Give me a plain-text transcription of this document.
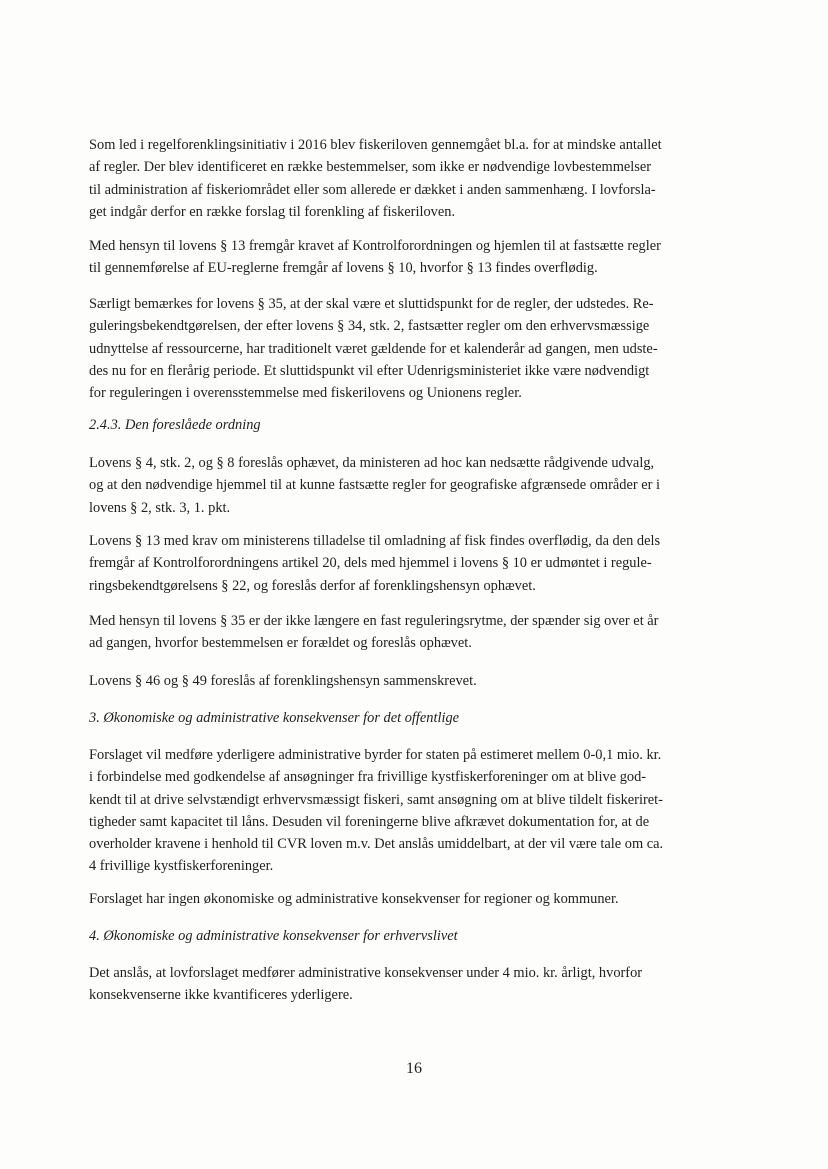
Som led i regelforenklingsinitiativ i 2016 blev fiskeriloven gennemgået bl.a. for at mindske antallet
af regler. Der blev identificeret en række bestemmelser, som ikke er nødvendige lovbestemmelser
til administration af fiskeriområdet eller som allerede er dækket i anden sammenhæng. I lovforsla-
get indgår derfor en række forslag til forenkling af fiskeriloven.
Med hensyn til lovens § 13 fremgår kravet af Kontrolforordningen og hjemlen til at fastsætte regler
til gennemførelse af EU-reglerne fremgår af lovens § 10, hvorfor § 13 findes overflødig.
Særligt bemærkes for lovens § 35, at der skal være et sluttidspunkt for de regler, der udstedes. Re-
guleringsbekendtgørelsen, der efter lovens § 34, stk. 2, fastsætter regler om den erhvervsmæssige
udnyttelse af ressourcerne, har traditionelt været gældende for et kalenderår ad gangen, men udste-
des nu for en flerårig periode. Et sluttidspunkt vil efter Udenrigsministeriet ikke være nødvendigt
for reguleringen i overensstemmelse med fiskerilovens og Unionens regler.
2.4.3. Den foreslåede ordning
Lovens § 4, stk. 2, og § 8 foreslås ophævet, da ministeren ad hoc kan nedsætte rådgivende udvalg,
og at den nødvendige hjemmel til at kunne fastsætte regler for geografiske afgrænsede områder er i
lovens § 2, stk. 3, 1. pkt.
Lovens § 13 med krav om ministerens tilladelse til omladning af fisk findes overflødig, da den dels
fremgår af Kontrolforordningens artikel 20, dels med hjemmel i lovens § 10 er udmøntet i regule-
ringsbekendtgørelsens § 22, og foreslås derfor af forenklingshensyn ophævet.
Med hensyn til lovens § 35 er der ikke længere en fast reguleringsrytme, der spænder sig over et år
ad gangen, hvorfor bestemmelsen er forældet og foreslås ophævet.
Lovens § 46 og § 49 foreslås af forenklingshensyn sammenskrevet.
3. Økonomiske og administrative konsekvenser for det offentlige
Forslaget vil medføre yderligere administrative byrder for staten på estimeret mellem 0-0,1 mio. kr.
i forbindelse med godkendelse af ansøgninger fra frivillige kystfiskerforeninger om at blive god-
kendt til at drive selvstændigt erhvervsmæssigt fiskeri, samt ansøgning om at blive tildelt fiskeriret-
tigheder samt kapacitet til låns. Desuden vil foreningerne blive afkrævet dokumentation for, at de
overholder kravene i henhold til CVR loven m.v. Det anslås umiddelbart, at der vil være tale om ca.
4 frivillige kystfiskerforeninger.
Forslaget har ingen økonomiske og administrative konsekvenser for regioner og kommuner.
4. Økonomiske og administrative konsekvenser for erhvervslivet
Det anslås, at lovforslaget medfører administrative konsekvenser under 4 mio. kr. årligt, hvorfor
konsekvenserne ikke kvantificeres yderligere.
16
